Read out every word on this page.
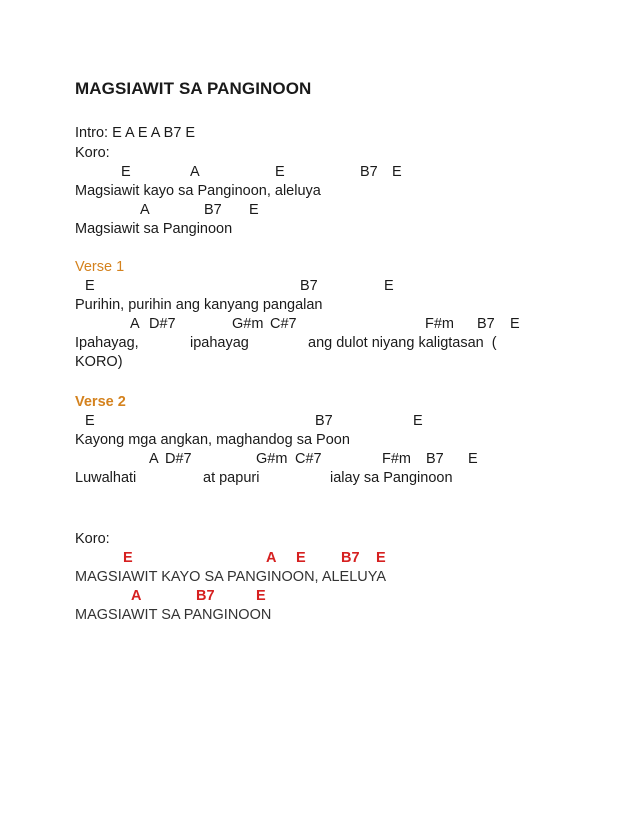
MAGSIAWIT SA PANGINOON
Intro: E A E A B7 E
Koro:
E	A	E	B7 E
Magsiawit kayo sa Panginoon, aleluya
A	B7 E
Magsiawit sa Panginoon
Verse 1
E	B7	E
Purihin, purihin ang kanyang pangalan
A D#7	G#m C#7	F#m B7 E
Ipahayag,	ipahayag	ang dulot niyang kaligtasan  (
KORO)
Verse 2
E	B7	E
Kayong mga angkan, maghandog sa Poon
A D#7	G#m C#7	F#m B7 E
Luwalhati	at papuri	ialay sa Panginoon
Koro:
E	A E B7 E
MAGSIAWIT KAYO SA PANGINOON, ALELUYA
A	B7	E
MAGSIAWIT SA PANGINOON
